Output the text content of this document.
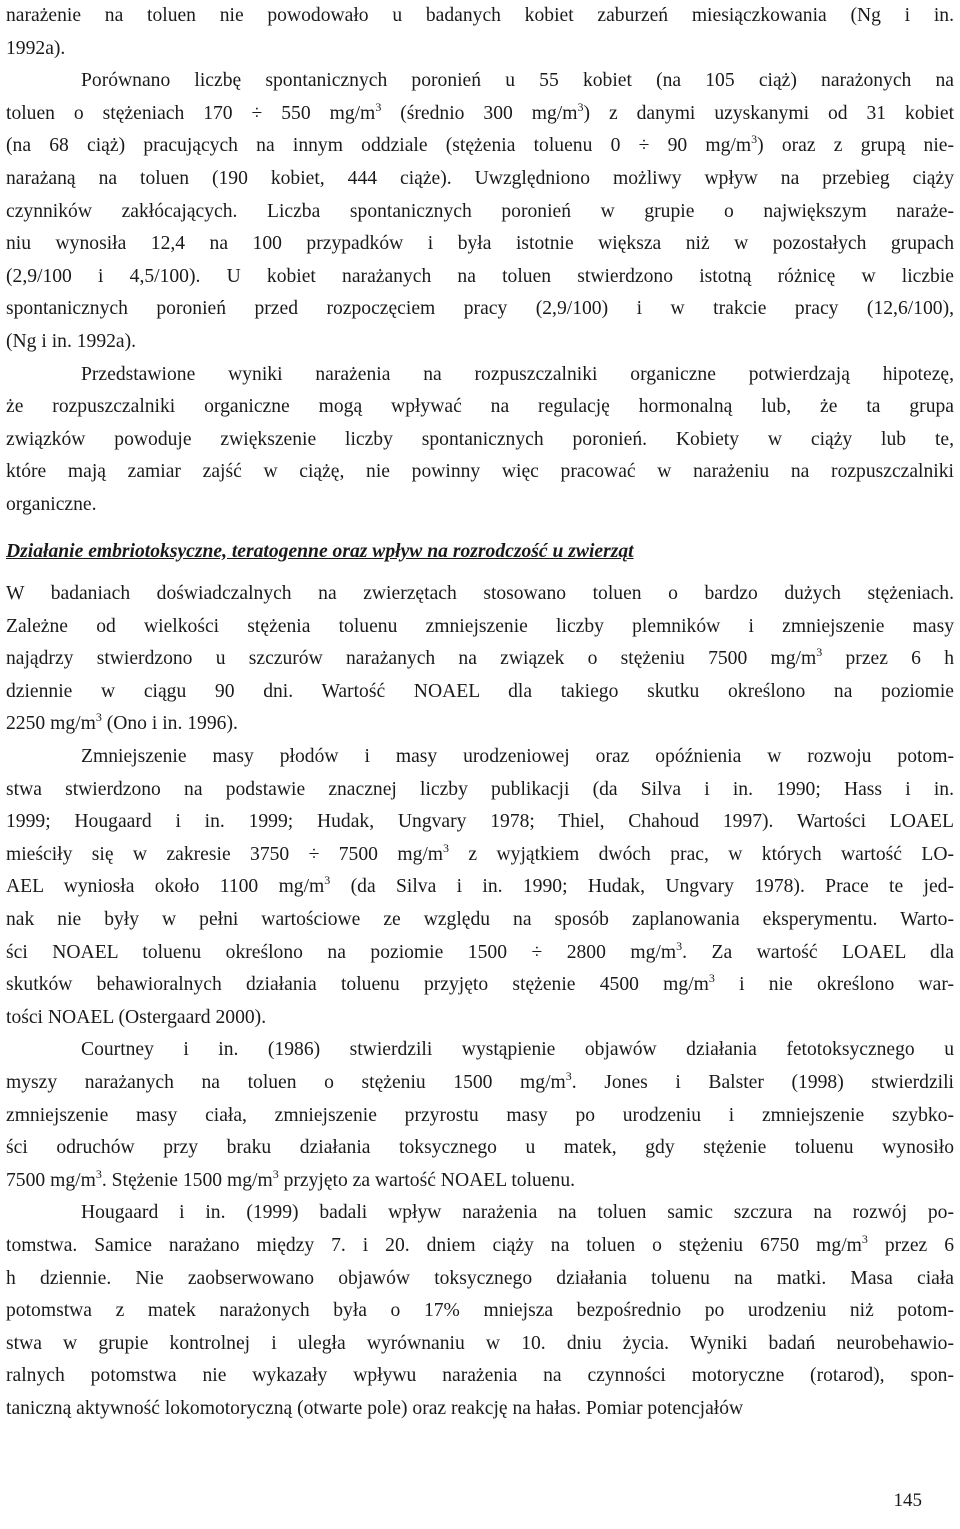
narażenie na toluen nie powodowało u badanych kobiet zaburzeń miesiączkowania (Ng i in.
1992a).
Porównano liczbę spontanicznych poronień u 55 kobiet (na 105 ciąż) narażonych na
toluen o stężeniach 170 ÷ 550 $mg/m^3$ (średnio 300 $mg/m^3$) z danymi uzyskanymi od 31 kobiet
(na 68 ciąż) pracujących na innym oddziale (stężenia toluenu 0 ÷ 90 $mg/m^3$) oraz z grupą nie-
narażaną na toluen (190 kobiet, 444 ciąże). Uwzględniono możliwy wpływ na przebieg ciąży
czynników zakłócających. Liczba spontanicznych poronień w grupie o największym naraże-
niu wynosiła 12,4 na 100 przypadków i była istotnie większa niż w pozostałych grupach
(2,9/100 i 4,5/100). U kobiet narażanych na toluen stwierdzono istotną różnicę w liczbie
spontanicznych poronień przed rozpoczęciem pracy (2,9/100) i w trakcie pracy (12,6/100),
(Ng i in. 1992a).
Przedstawione wyniki narażenia na rozpuszczalniki organiczne potwierdzają hipotezę,
że rozpuszczalniki organiczne mogą wpływać na regulację hormonalną lub, że ta grupa
związków powoduje zwiększenie liczby spontanicznych poronień. Kobiety w ciąży lub te,
które mają zamiar zajść w ciążę, nie powinny więc pracować w narażeniu na rozpuszczalniki
organiczne.
Działanie embriotoksyczne, teratogenne oraz wpływ na rozrodczość u zwierząt
W badaniach doświadczalnych na zwierzętach stosowano toluen o bardzo dużych stężeniach.
Zależne od wielkości stężenia toluenu zmniejszenie liczby plemników i zmniejszenie masy
najądrzy stwierdzono u szczurów narażanych na związek o stężeniu 7500 $mg/m^3$ przez 6 h
dziennie w ciągu 90 dni. Wartość NOAEL dla takiego skutku określono na poziomie
2250 $mg/m^3$ (Ono i in. 1996).
Zmniejszenie masy płodów i masy urodzeniowej oraz opóźnienia w rozwoju potom-
stwa stwierdzono na podstawie znacznej liczby publikacji (da Silva i in. 1990; Hass i in.
1999; Hougaard i in. 1999; Hudak, Ungvary 1978; Thiel, Chahoud 1997). Wartości LOAEL
mieściły się w zakresie 3750 ÷ 7500 $mg/m^3$ z wyjątkiem dwóch prac, w których wartość LO-
AEL wyniosła około 1100 $mg/m^3$ (da Silva i in. 1990; Hudak, Ungvary 1978). Prace te jed-
nak nie były w pełni wartościowe ze względu na sposób zaplanowania eksperymentu. Warto-
ści NOAEL toluenu określono na poziomie 1500 ÷ 2800 $mg/m^3$. Za wartość LOAEL dla
skutków behawioralnych działania toluenu przyjęto stężenie 4500 $mg/m^3$ i nie określono war-
tości NOAEL (Ostergaard 2000).
Courtney i in. (1986) stwierdzili wystąpienie objawów działania fetotoksycznego u
myszy narażanych na toluen o stężeniu 1500 $mg/m^3$. Jones i Balster (1998) stwierdzili
zmniejszenie masy ciała, zmniejszenie przyrostu masy po urodzeniu i zmniejszenie szybko-
ści odruchów przy braku działania toksycznego u matek, gdy stężenie toluenu wynosiło
7500 $mg/m^3$. Stężenie 1500 $mg/m^3$ przyjęto za wartość NOAEL toluenu.
Hougaard i in. (1999) badali wpływ narażenia na toluen samic szczura na rozwój po-
tomstwa. Samice narażano między 7. i 20. dniem ciąży na toluen o stężeniu 6750 $mg/m^3$ przez 6
h dziennie. Nie zaobserwowano objawów toksycznego działania toluenu na matki. Masa ciała
potomstwa z matek narażonych była o 17% mniejsza bezpośrednio po urodzeniu niż potom-
stwa w grupie kontrolnej i uległa wyrównaniu w 10. dniu życia. Wyniki badań neurobehawio-
ralnych potomstwa nie wykazały wpływu narażenia na czynności motoryczne (rotarod), spon-
taniczną aktywność lokomotoryczną (otwarte pole) oraz reakcję na hałas. Pomiar potencjałów
145
